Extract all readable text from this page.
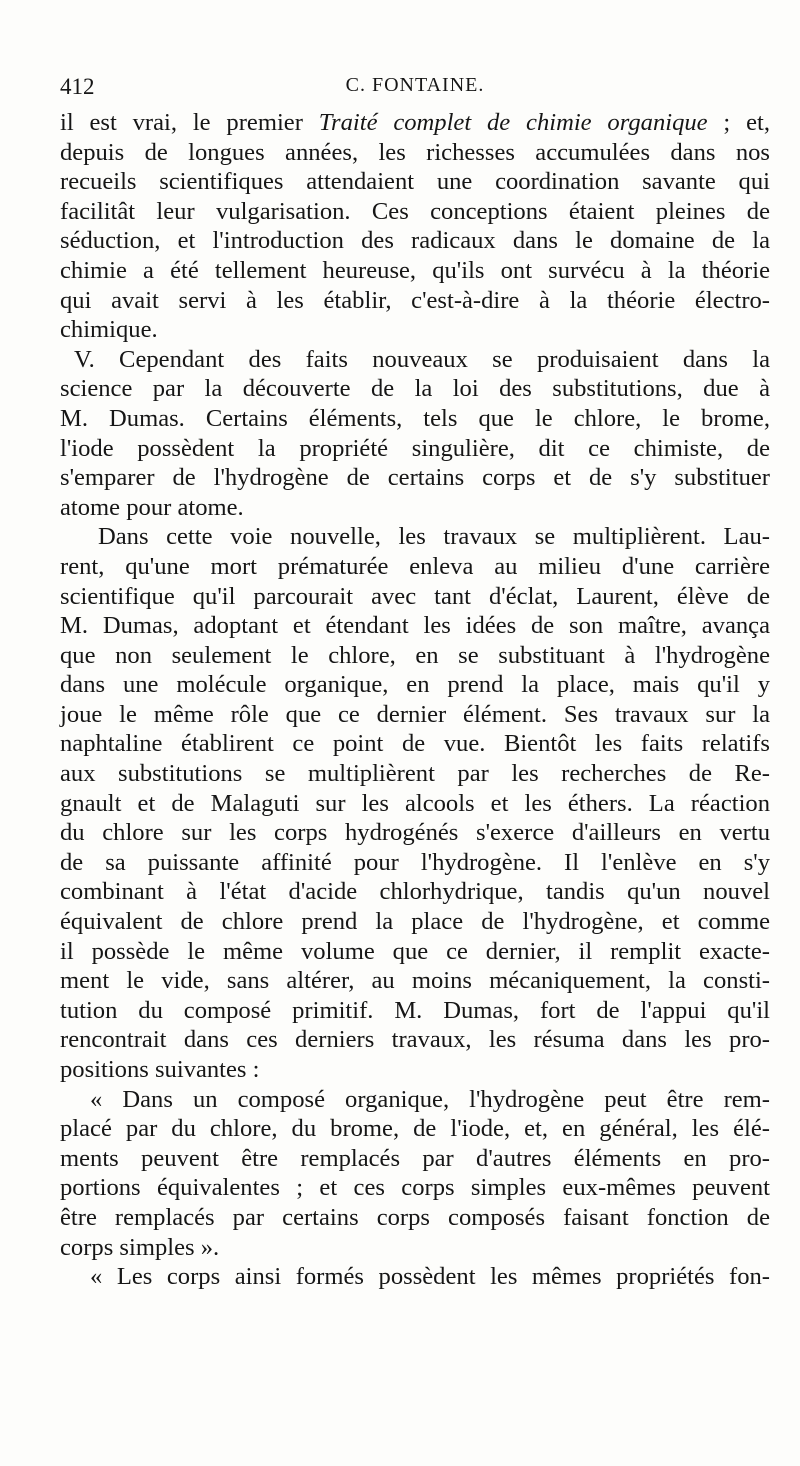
412	C. FONTAINE.
il est vrai, le premier Traité complet de chimie organique ; et,
depuis de longues années, les richesses accumulées dans nos
recueils scientifiques attendaient une coordination savante qui
facilitât leur vulgarisation. Ces conceptions étaient pleines de
séduction, et l'introduction des radicaux dans le domaine de la
chimie a été tellement heureuse, qu'ils ont survécu à la théorie
qui avait servi à les établir, c'est-à-dire à la théorie électro-
chimique.
V. Cependant des faits nouveaux se produisaient dans la
science par la découverte de la loi des substitutions, due à
M. Dumas. Certains éléments, tels que le chlore, le brome,
l'iode possèdent la propriété singulière, dit ce chimiste, de
s'emparer de l'hydrogène de certains corps et de s'y substituer
atome pour atome.
Dans cette voie nouvelle, les travaux se multiplièrent. Lau-
rent, qu'une mort prématurée enleva au milieu d'une carrière
scientifique qu'il parcourait avec tant d'éclat, Laurent, élève de
M. Dumas, adoptant et étendant les idées de son maître, avança
que non seulement le chlore, en se substituant à l'hydrogène
dans une molécule organique, en prend la place, mais qu'il y
joue le même rôle que ce dernier élément. Ses travaux sur la
naphtaline établirent ce point de vue. Bientôt les faits relatifs
aux substitutions se multiplièrent par les recherches de Re-
gnault et de Malaguti sur les alcools et les éthers. La réaction
du chlore sur les corps hydrogénés s'exerce d'ailleurs en vertu
de sa puissante affinité pour l'hydrogène. Il l'enlève en s'y
combinant à l'état d'acide chlorhydrique, tandis qu'un nouvel
équivalent de chlore prend la place de l'hydrogène, et comme
il possède le même volume que ce dernier, il remplit exacte-
ment le vide, sans altérer, au moins mécaniquement, la consti-
tution du composé primitif. M. Dumas, fort de l'appui qu'il
rencontrait dans ces derniers travaux, les résuma dans les pro-
positions suivantes :
« Dans un composé organique, l'hydrogène peut être rem-
placé par du chlore, du brome, de l'iode, et, en général, les élé-
ments peuvent être remplacés par d'autres éléments en pro-
portions équivalentes ; et ces corps simples eux-mêmes peuvent
être remplacés par certains corps composés faisant fonction de
corps simples ».
« Les corps ainsi formés possèdent les mêmes propriétés fon-
